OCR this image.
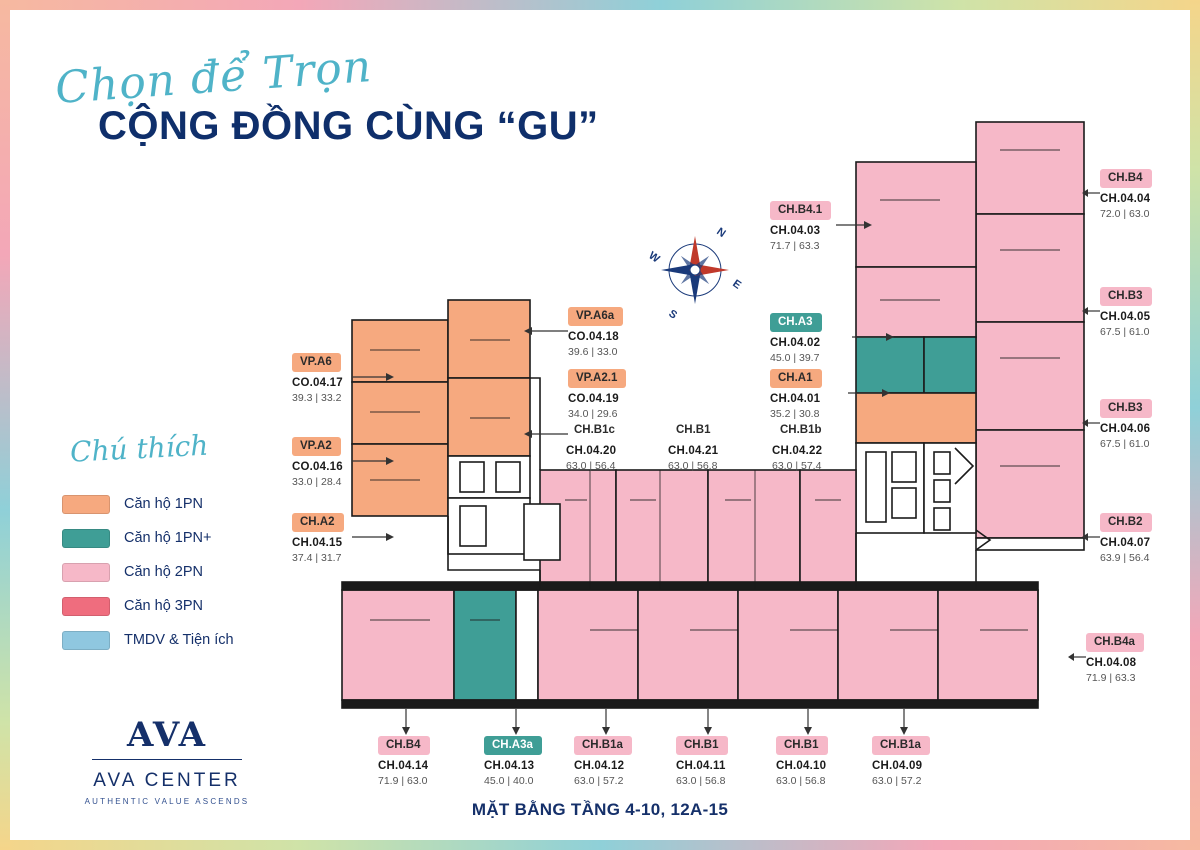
Chọn để Trọn
CỘNG ĐỒNG CÙNG “GU”
Chú thích
Căn hộ 1PN
Căn hộ 1PN+
Căn hộ 2PN
Căn hộ 3PN
TMDV & Tiện ích
AVA
AVA CENTER
AUTHENTIC VALUE ASCENDS
N
E
S
W
CH.B4.1
CH.04.03
71.7 | 63.3
CH.A3
CH.04.02
45.0 | 39.7
CH.A1
CH.04.01
35.2 | 30.8
CH.B4
CH.04.04
72.0 | 63.0
CH.B3
CH.04.05
67.5 | 61.0
CH.B3
CH.04.06
67.5 | 61.0
CH.B2
CH.04.07
63.9 | 56.4
CH.B4a
CH.04.08
71.9 | 63.3
VP.A6a
CO.04.18
39.6 | 33.0
VP.A2.1
CO.04.19
34.0 | 29.6
VP.A6
CO.04.17
39.3 | 33.2
VP.A2
CO.04.16
33.0 | 28.4
CH.A2
CH.04.15
37.4 | 31.7
CH.B1c
CH.04.20
63.0 | 56.4
CH.B1
CH.04.21
63.0 | 56.8
CH.B1b
CH.04.22
63.0 | 57.4
CH.B4
CH.04.14
71.9 | 63.0
CH.A3a
CH.04.13
45.0 | 40.0
CH.B1a
CH.04.12
63.0 | 57.2
CH.B1
CH.04.11
63.0 | 56.8
CH.B1
CH.04.10
63.0 | 56.8
CH.B1a
CH.04.09
63.0 | 57.2
MẶT BẰNG TẦNG 4-10, 12A-15
